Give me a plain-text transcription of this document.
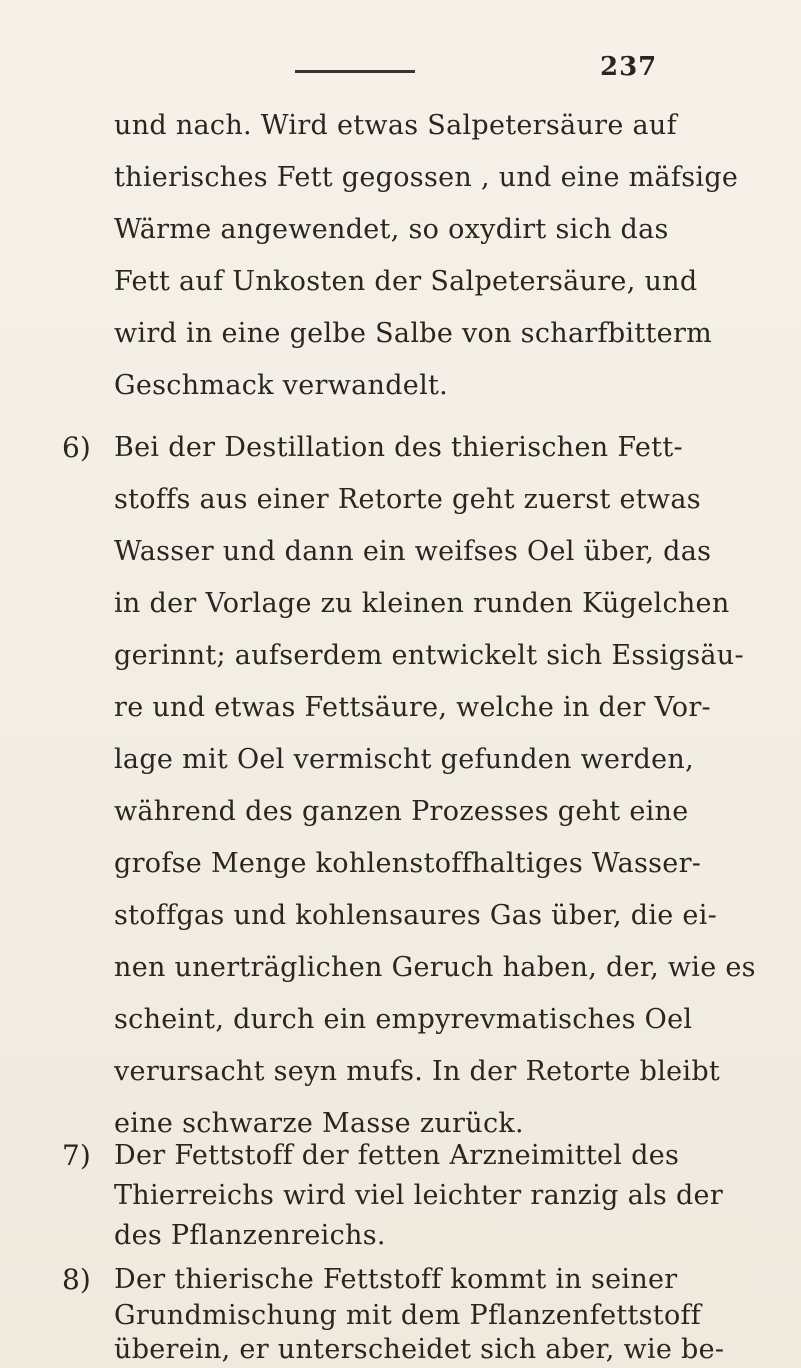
237
und nach. Wird etwas Salpetersäure auf
thierisches Fett gegossen , und eine mäfsige
Wärme angewendet, so oxydirt sich das
Fett auf Unkosten der Salpetersäure, und
wird in eine gelbe Salbe von scharfbitterm
Geschmack verwandelt.
6) Bei der Destillation des thierischen Fett-
stoffs aus einer Retorte geht zuerst etwas
Wasser und dann ein weifses Oel über, das
in der Vorlage zu kleinen runden Kügelchen
gerinnt; aufserdem entwickelt sich Essigsäu-
re und etwas Fettsäure, welche in der Vor-
lage mit Oel vermischt gefunden werden,
während des ganzen Prozesses geht eine
grofse Menge kohlenstoffhaltiges Wasser-
stoffgas und kohlensaures Gas über, die ei-
nen unerträglichen Geruch haben, der, wie es
scheint, durch ein empyrevmatisches Oel
verursacht seyn mufs. In der Retorte bleibt
eine schwarze Masse zurück.
7) Der Fettstoff der fetten Arzneimittel des
Thierreichs wird viel leichter ranzig als der
des Pflanzenreichs.
8) Der thierische Fettstoff kommt in seiner
Grundmischung mit dem Pflanzenfettstoff
überein, er unterscheidet sich aber, wie be-
